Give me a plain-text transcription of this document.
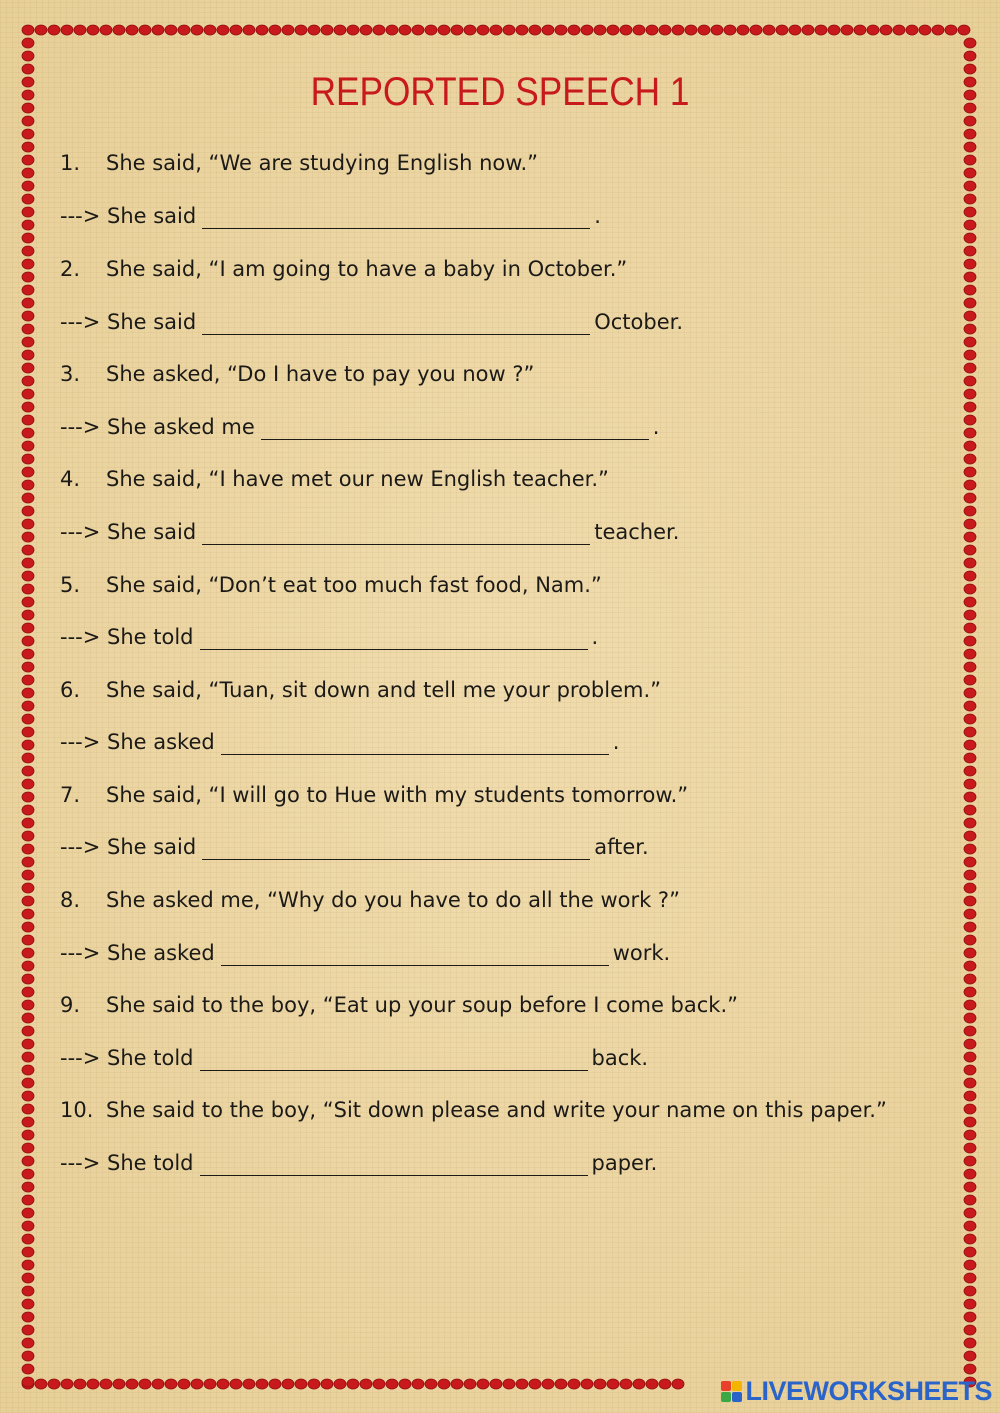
REPORTED SPEECH 1
1. She said, “We are studying English now.”
---> She said	.
2. She said, “I am going to have a baby in October.”
---> She said	October.
3. She asked, “Do I have to pay you now ?”
---> She asked me	.
4. She said, “I have met our new English teacher.”
---> She said	teacher.
5. She said, “Don’t eat too much fast food, Nam.”
---> She told	.
6. She said, “Tuan, sit down and tell me your problem.”
---> She asked	.
7. She said, “I will go to Hue with my students tomorrow.”
---> She said	after.
8. She asked me, “Why do you have to do all the work ?”
---> She asked	work.
9. She said to the boy, “Eat up your soup before I come back.”
---> She told	back.
10. She said to the boy, “Sit down please and write your name on this paper.”
---> She told	paper.
LIVEWORKSHEETS
